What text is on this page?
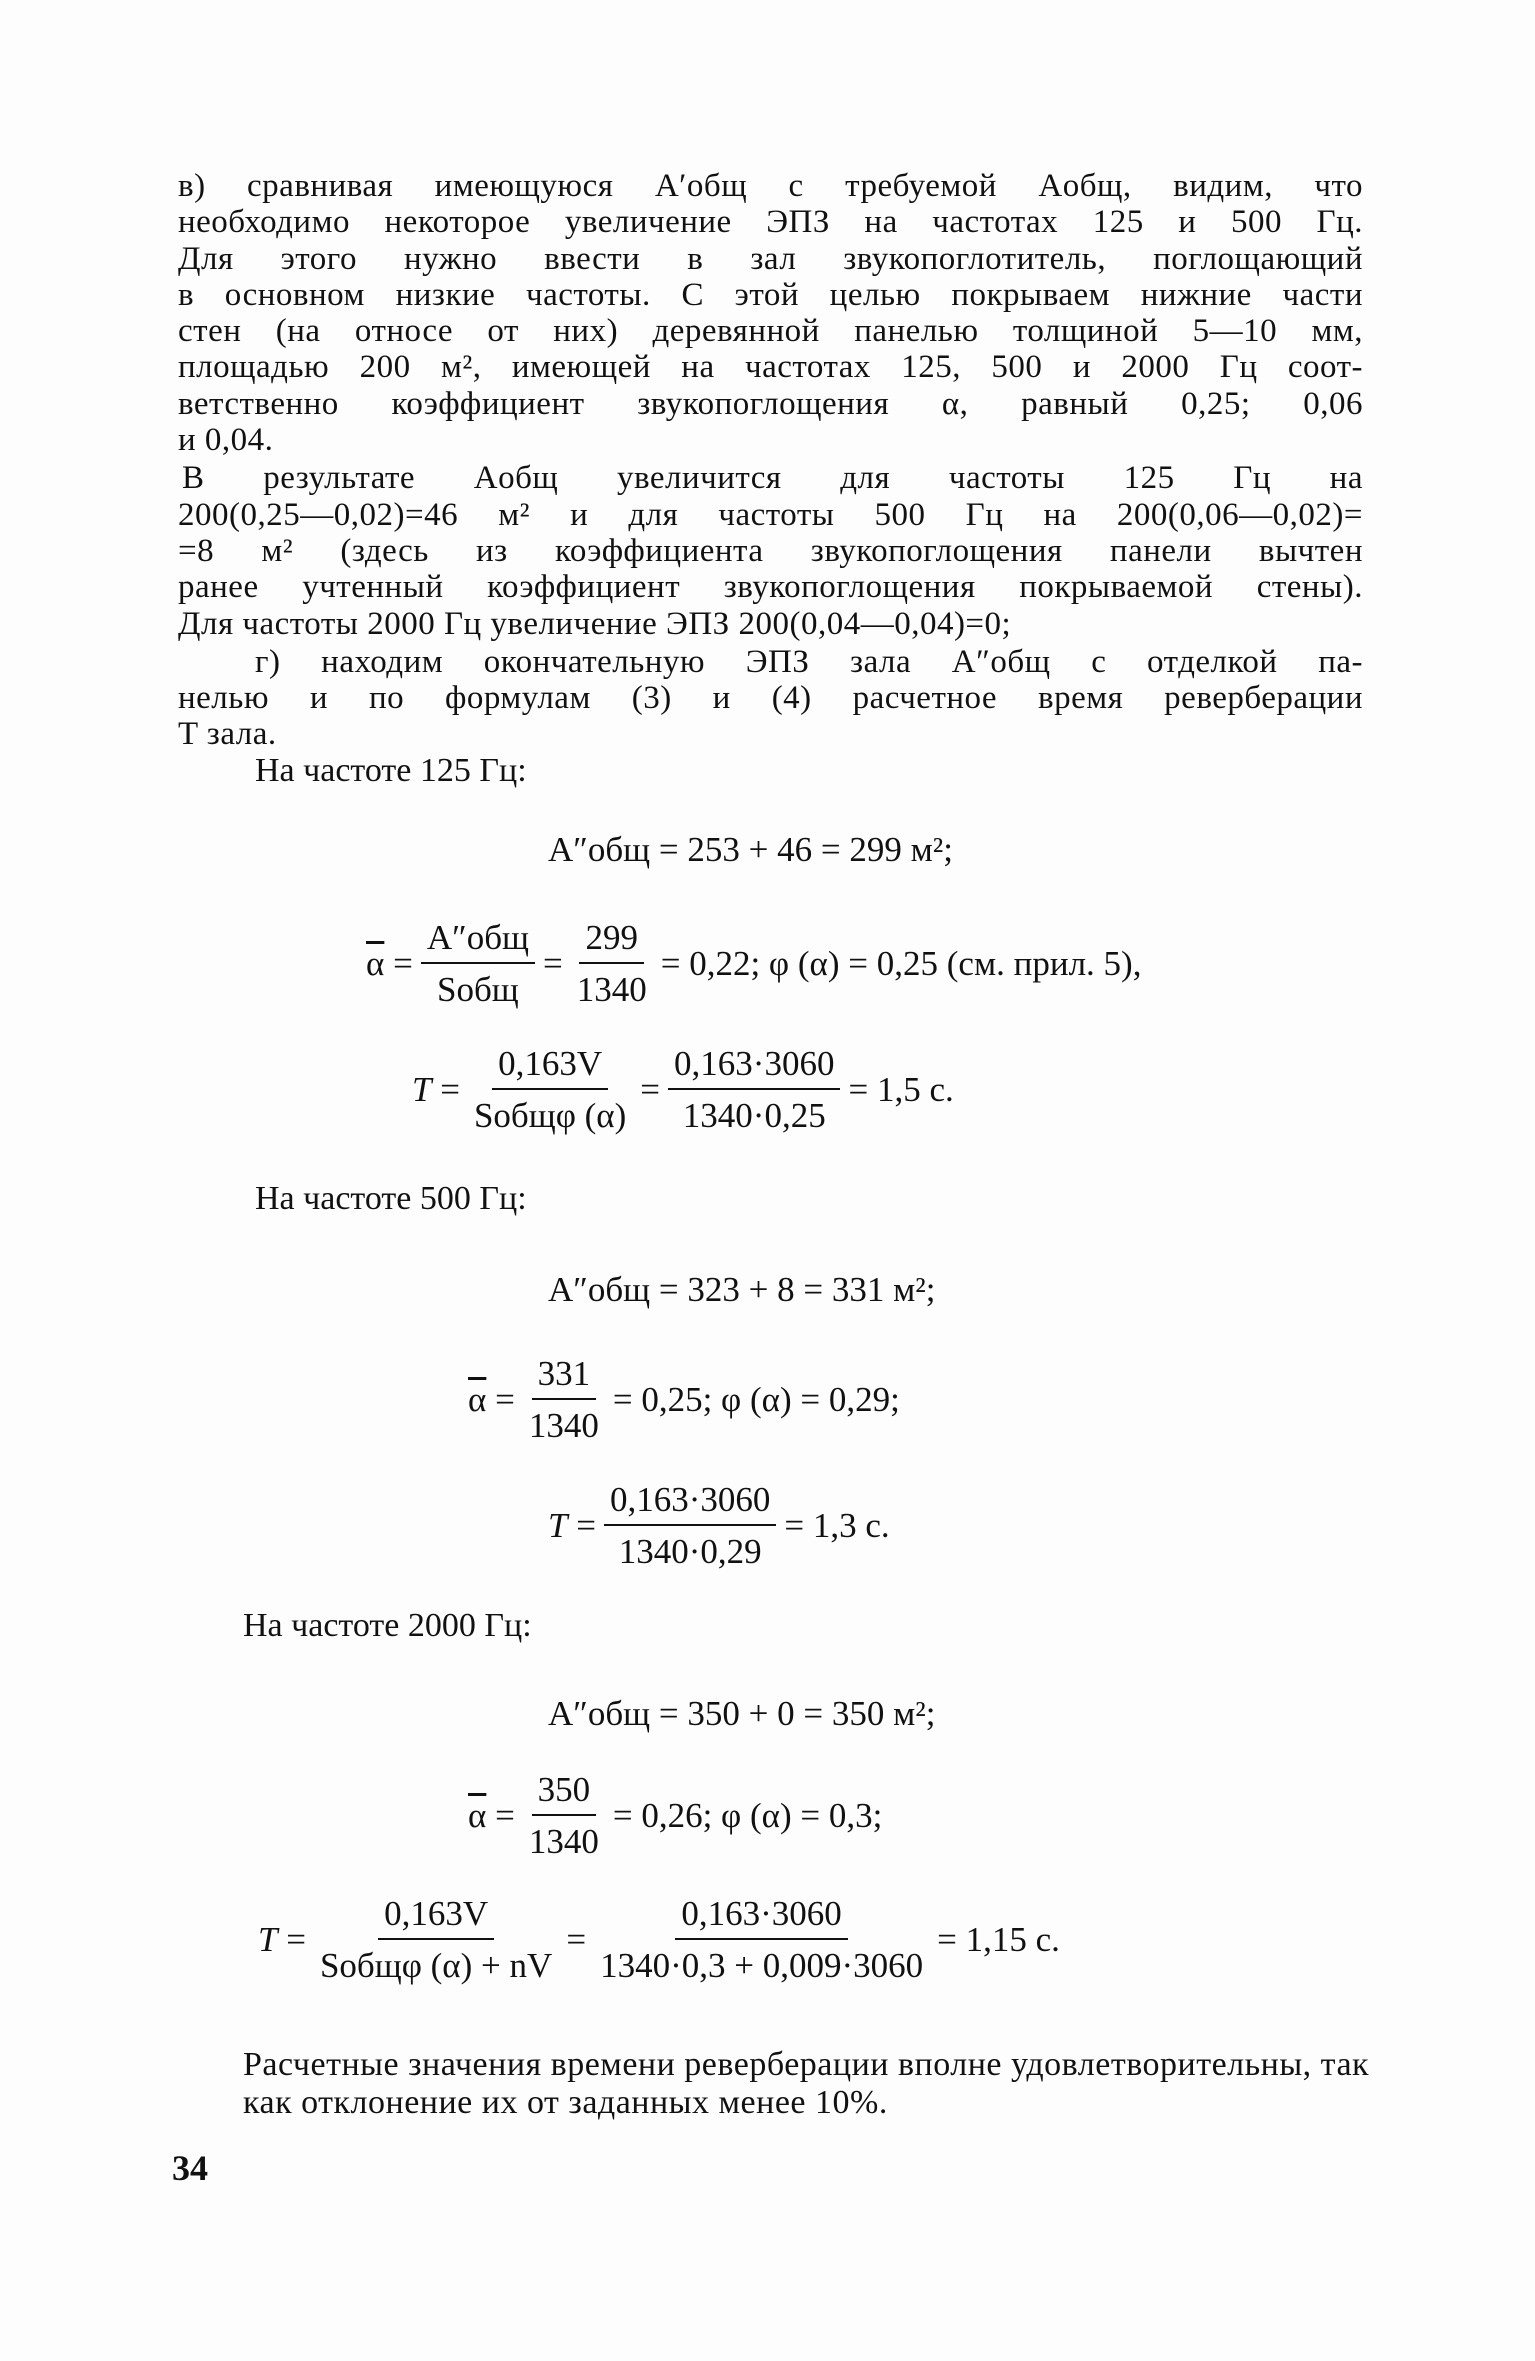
в) сравнивая имеющуюся A′общ с требуемой Aобщ, видим, что
необходимо некоторое увеличение ЭПЗ на частотах 125 и 500 Гц.
Для этого нужно ввести в зал звукопоглотитель, поглощающий
в основном низкие частоты. С этой целью покрываем нижние части
стен (на относе от них) деревянной панелью толщиной 5—10 мм,
площадью 200 м², имеющей на частотах 125, 500 и 2000 Гц соот-
ветственно коэффициент звукопоглощения α, равный 0,25; 0,06
и 0,04.

В результате Aобщ увеличится для частоты 125 Гц на
200(0,25—0,02)=46 м² и для частоты 500 Гц на 200(0,06—0,02)=
=8 м² (здесь из коэффициента звукопоглощения панели вычтен
ранее учтенный коэффициент звукопоглощения покрываемой стены).
Для частоты 2000 Гц увеличение ЭПЗ 200(0,04—0,04)=0;

г) находим окончательную ЭПЗ зала A″общ с отделкой па-
нелью и по формулам (3) и (4) расчетное время реверберации
T зала.

На частоте 125 Гц:
A″общ = 253 + 46 = 299 м²;
$\overline{\alpha} = \frac{\text{A″общ}}{\text{Sобщ}} = \frac{299}{1340} = 0,22$; φ (α) = 0,25 (см. прил. 5),
$T = \frac{0,163V}{\text{Sобщφ (α)}} = \frac{0,163\cdot 3060}{1340\cdot 0,25} = 1,5$ с.
На частоте 500 Гц:
A″общ = 323 + 8 = 331 м²;
$\overline{\alpha} = \frac{331}{1340} = 0,25$; φ (α) = 0,29;
$T = \frac{0,163\cdot 3060}{1340\cdot 0,29} = 1,3$ с.
На частоте 2000 Гц:
A″общ = 350 + 0 = 350 м²;
$\overline{\alpha} = \frac{350}{1340} = 0,26$; φ (α) = 0,3;
$T = \frac{0,163V}{\text{Sобщφ (α) + nV}} = \frac{0,163\cdot 3060}{1340\cdot 0,3 + 0,009\cdot 3060} = 1,15$ с.
Расчетные значения времени реверберации вполне удовлетворительны, так как отклонение их от заданных менее 10%.
34
